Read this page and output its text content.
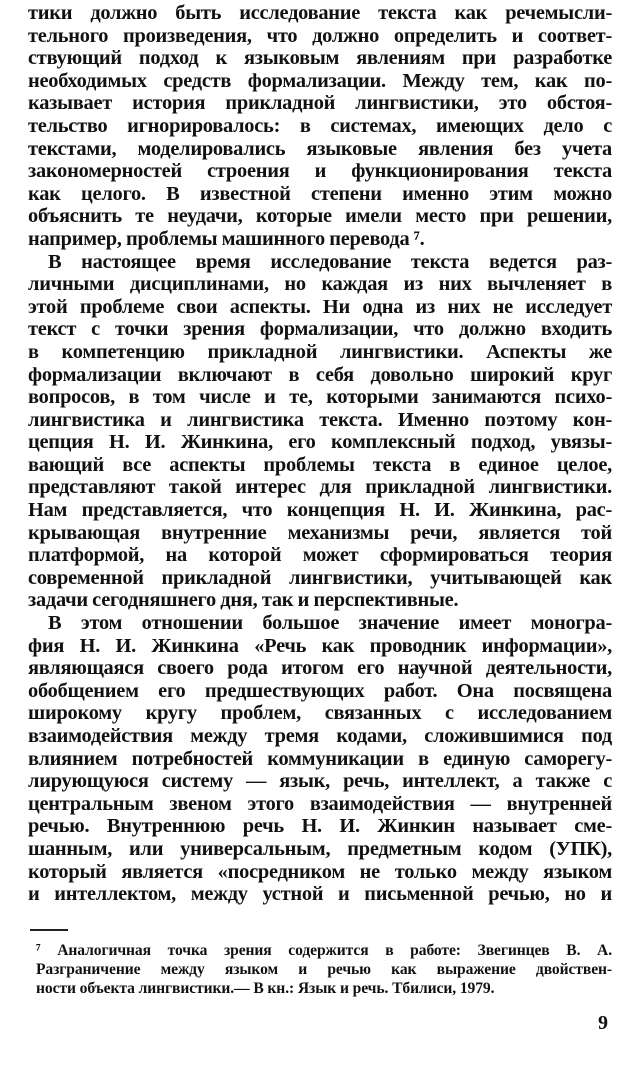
тики должно быть исследование текста как речемысли-
тельного произведения, что должно определить и соответ-
ствующий подход к языковым явлениям при разработке
необходимых средств формализации. Между тем, как по-
казывает история прикладной лингвистики, это обстоя-
тельство игнорировалось: в системах, имеющих дело с
текстами, моделировались языковые явления без учета
закономерностей строения и функционирования текста
как целого. В известной степени именно этим можно
объяснить те неудачи, которые имели место при решении,
например, проблемы машинного перевода ⁷.
В настоящее время исследование текста ведется раз-
личными дисциплинами, но каждая из них вычленяет в
этой проблеме свои аспекты. Ни одна из них не исследует
текст с точки зрения формализации, что должно входить
в компетенцию прикладной лингвистики. Аспекты же
формализации включают в себя довольно широкий круг
вопросов, в том числе и те, которыми занимаются психо-
лингвистика и лингвистика текста. Именно поэтому кон-
цепция Н. И. Жинкина, его комплексный подход, увязы-
вающий все аспекты проблемы текста в единое целое,
представляют такой интерес для прикладной лингвистики.
Нам представляется, что концепция Н. И. Жинкина, рас-
крывающая внутренние механизмы речи, является той
платформой, на которой может сформироваться теория
современной прикладной лингвистики, учитывающей как
задачи сегодняшнего дня, так и перспективные.
В этом отношении большое значение имеет моногра-
фия Н. И. Жинкина «Речь как проводник информации»,
являющаяся своего рода итогом его научной деятельности,
обобщением его предшествующих работ. Она посвящена
широкому кругу проблем, связанных с исследованием
взаимодействия между тремя кодами, сложившимися под
влиянием потребностей коммуникации в единую саморегу-
лирующуюся систему — язык, речь, интеллект, а также с
центральным звеном этого взаимодействия — внутренней
речью. Внутреннюю речь Н. И. Жинкин называет сме-
шанным, или универсальным, предметным кодом (УПК),
который является «посредником не только между языком
и интеллектом, между устной и письменной речью, но и
⁷ Аналогичная точка зрения содержится в работе: Звегинцев В. А.
Разграничение между языком и речью как выражение двойствен-
ности объекта лингвистики.— В кн.: Язык и речь. Тбилиси, 1979.
9
